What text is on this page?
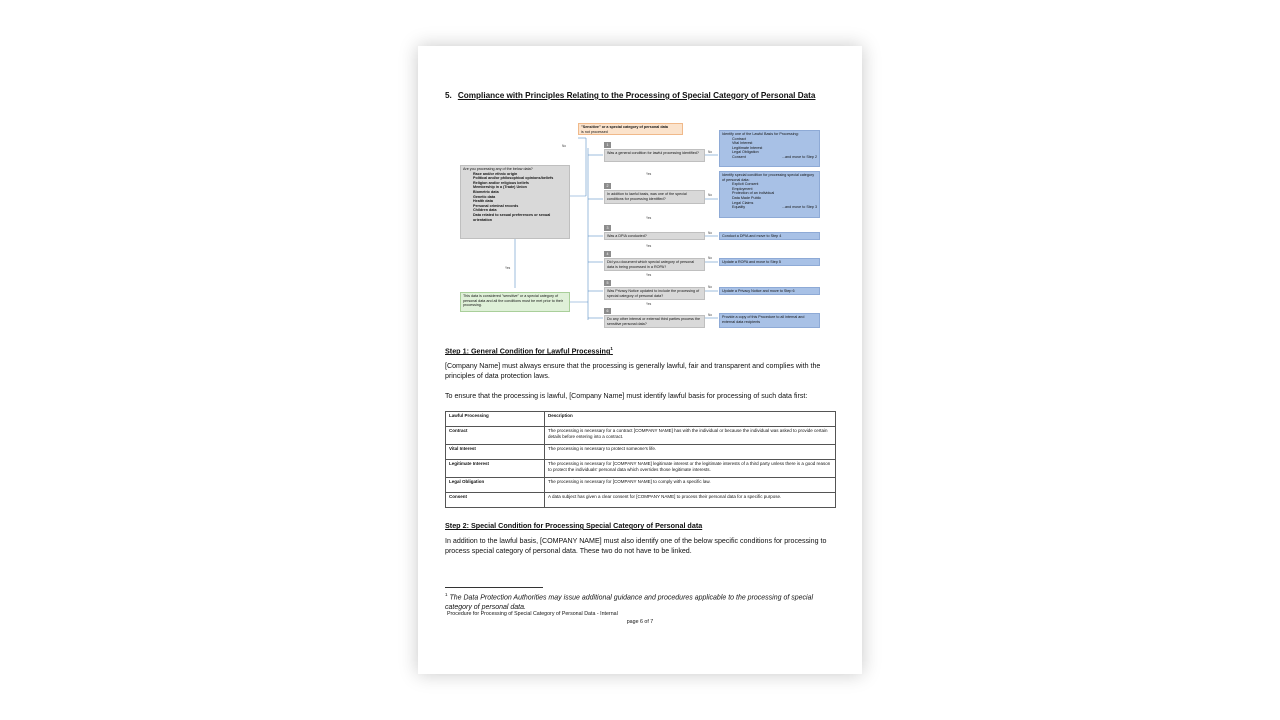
5. Compliance with Principles Relating to the Processing of Special Category of Personal Data
"Sensitive" or a special category of personal data
is not processed
No
Are you processing any of the below data?
Race and/or ethnic origin
Political and/or philosophical opinions/beliefs
Religion and/or religious beliefs
Membership in a (Trade) Union
Biometric data
Genetic data
Health data
Personal criminal records
Children data
Data related to sexual preferences or sexual orientation
Yes
This data is considered "sensitive" or a special category of personal data and all the conditions must be met prior to their processing.
1
Was a general condition for lawful processing identified?	No
Yes
2
In addition to lawful basis, was one of the special conditions for processing identified?
No
Yes
3
Was a DPIA conducted?
No
Yes
4
Did you document which special category of personal data is being processed in a ROPA?
No
Yes
5
Was Privacy Notice updated to include the processing of special category of personal data?
No
Yes
6
Do any other internal or external third parties process the sensitive personal data?
No
Identify one of the Lawful Basis for Processing:
Contract
Vital Interest
Legitimate Interest
Legal Obligation
Consent	...and move to Step 2
Identify special condition for processing special category of personal data:
Explicit Consent
Employment
Protection of an individual
Data Made Public
Legal Claims
Equality	...and move to Step 3
Conduct a DPIA and move to Step 4
Update a ROPA and move to Step 5
Update a Privacy Notice and move to Step 6
Provide a copy of this Procedure to all internal and external data recipients
Step 1: General Condition for Lawful Processing$^1$
[Company Name] must always ensure that the processing is generally lawful, fair and transparent and complies with the principles of data protection laws.
To ensure that the processing is lawful, [Company Name] must identify lawful basis for processing of such data first:
Lawful Processing	Description
Contract	The processing is necessary for a contract [COMPANY NAME] has with the individual or because the individual was asked to provide certain details before entering into a contract.
Vital Interest	The processing is necessary to protect someone's life.
Legitimate Interest	The processing is necessary for [COMPANY NAME] legitimate interest or the legitimate interests of a third party unless there is a good reason to protect the individuals' personal data which overrides those legitimate interests.
Legal Obligation	The processing is necessary for [COMPANY NAME] to comply with a specific law.
Consent	A data subject has given a clear consent for [COMPANY NAME] to process their personal data for a specific purpose.
Step 2: Special Condition for Processing Special Category of Personal data
In addition to the lawful basis, [COMPANY NAME] must also identify one of the below specific conditions for processing to process special category of personal data. These two do not have to be linked.
$^1$ The Data Protection Authorities may issue additional guidance and procedures applicable to the processing of special category of personal data.
Procedure for Processing of Special Category of Personal Data - Internal
page 6 of 7
